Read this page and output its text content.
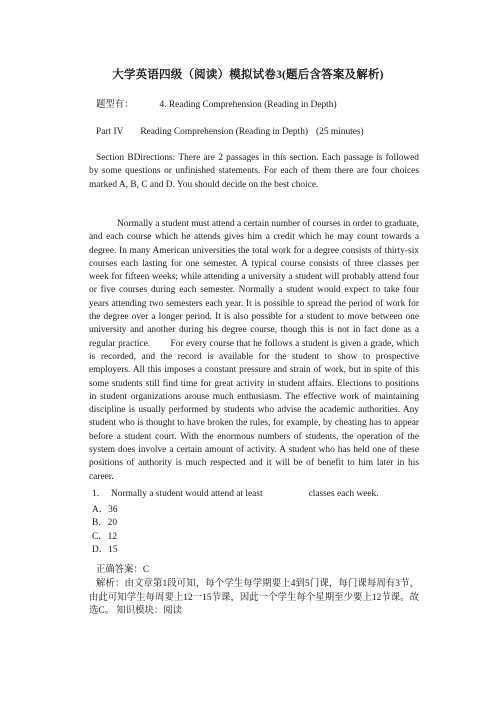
大学英语四级（阅读）模拟试卷3(题后含答案及解析)
题型有：	4. Reading Comprehension (Reading in Depth)
Part IV Reading Comprehension (Reading in Depth) (25 minutes)
Section BDirections: There are 2 passages in this section. Each passage is followed by some questions or unfinished statements. For each of them there are four choices marked A, B, C and D. You should decide on the best choice.
Normally a student must attend a certain number of courses in order to graduate, and each course which he attends gives him a credit which he may count towards a degree. In many American universities the total work for a degree consists of thirty-six courses each lasting for one semester. A typical course consists of three classes per week for fifteen weeks; while attending a university a student will probably attend four or five courses during each semester. Normally a student would expect to take four years attending two semesters each year. It is possible to spread the period of work for the degree over a longer period. It is also possible for a student to move between one university and another during his degree course, though this is not in fact done as a regular practice.        For every course that he follows a student is given a grade, which is recorded, and the record is available for the student to show to prospective employers. All this imposes a constant pressure and strain of work, but in spite of this some students still find time for great activity in student affairs. Elections to positions in student organizations arouse much enthusiasm. The effective work of maintaining discipline is usually performed by students who advise the academic authorities. Any student who is thought to have broken the rules, for example, by cheating has to appear before a student court. With the enormous numbers of students, the operation of the system does involve a certain amount of activity. A student who has held one of these positions of authority is much respected and it will be of benefit to him later in his career.
1. Normally a student would attend at least	classes each week.
A．36
B．20
C．12
D．15
正确答案：C
解析：由文章第1段可知，每个学生每学期要上4到5门课，每门课每周有3节，由此可知学生每周要上12一15节课，因此一个学生每个星期至少要上12节课。故选C。 知识模块：阅读
